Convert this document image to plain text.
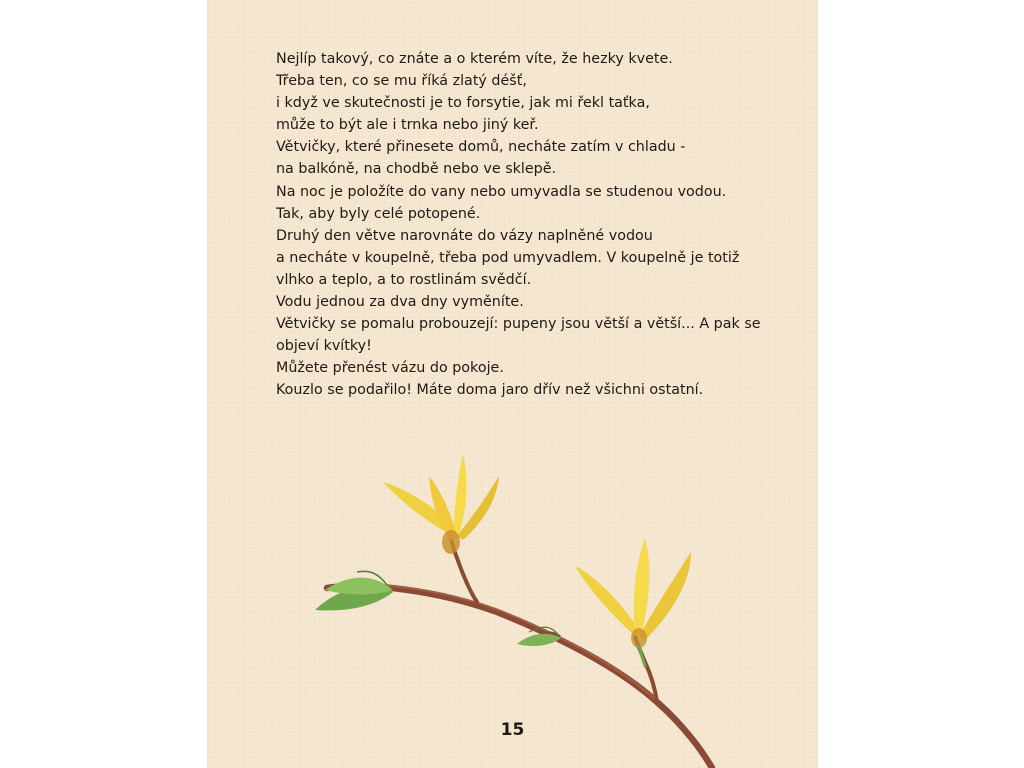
Nejlíp takový, co znáte a o kterém víte, že hezky kvete.
Třeba ten, co se mu říká zlatý déšť,
i když ve skutečnosti je to forsytie, jak mi řekl taťka,
může to být ale i trnka nebo jiný keř.
Větvičky, které přinesete domů, necháte zatím v chladu -
na balkóně, na chodbě nebo ve sklepě.
Na noc je položíte do vany nebo umyvadla se studenou vodou.
Tak, aby byly celé potopené.
Druhý den větve narovnáte do vázy naplněné vodou
a necháte v koupelně, třeba pod umyvadlem. V koupelně je totiž
vlhko a teplo, a to rostlinám svědčí.
Vodu jednou za dva dny vyměníte.
Větvičky se pomalu probouzejí: pupeny jsou větší a větší... A pak se
objeví kvítky!
Můžete přenést vázu do pokoje.
Kouzlo se podařilo! Máte doma jaro dřív než všichni ostatní.
15
